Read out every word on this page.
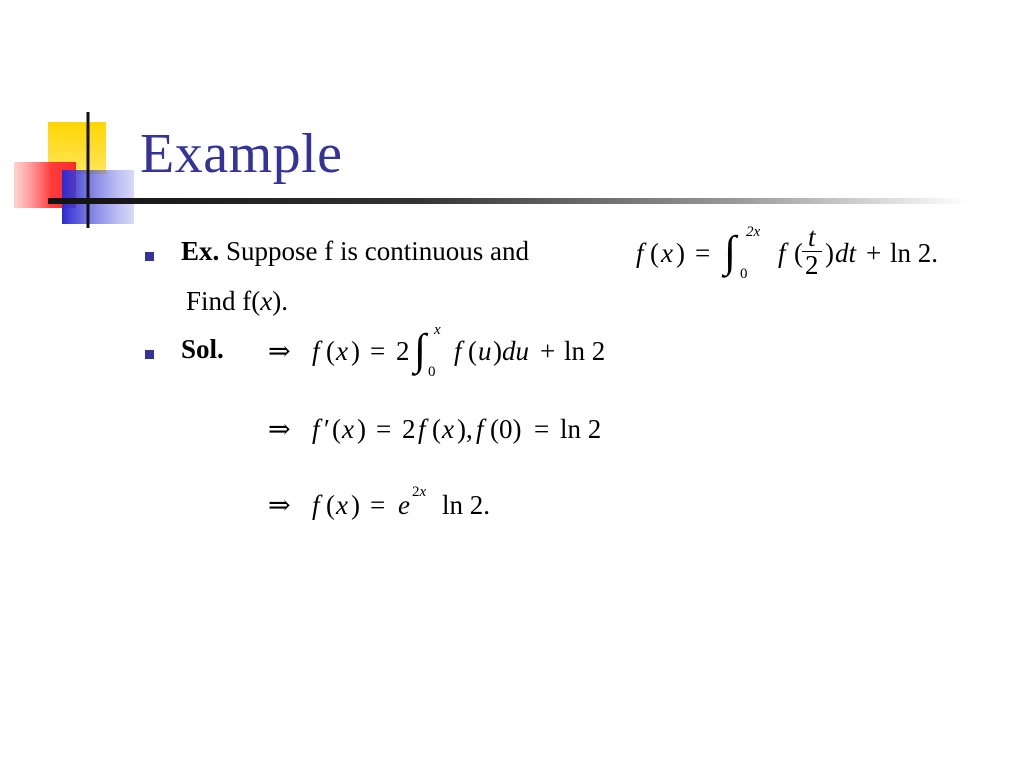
Example
Ex. Suppose f is continuous and	f ( x ) = ∫ 2x
0
f ( $\frac{t}{2}$ ) dt + ln 2.
Find f(x).
Sol. ⇒ f ( x ) = 2 ∫ x
0
f ( u ) du + ln 2
⇒ f ′ ( x ) = 2 f ( x ), f (0) = ln 2
⇒ f ( x ) = e 2x ln 2.
